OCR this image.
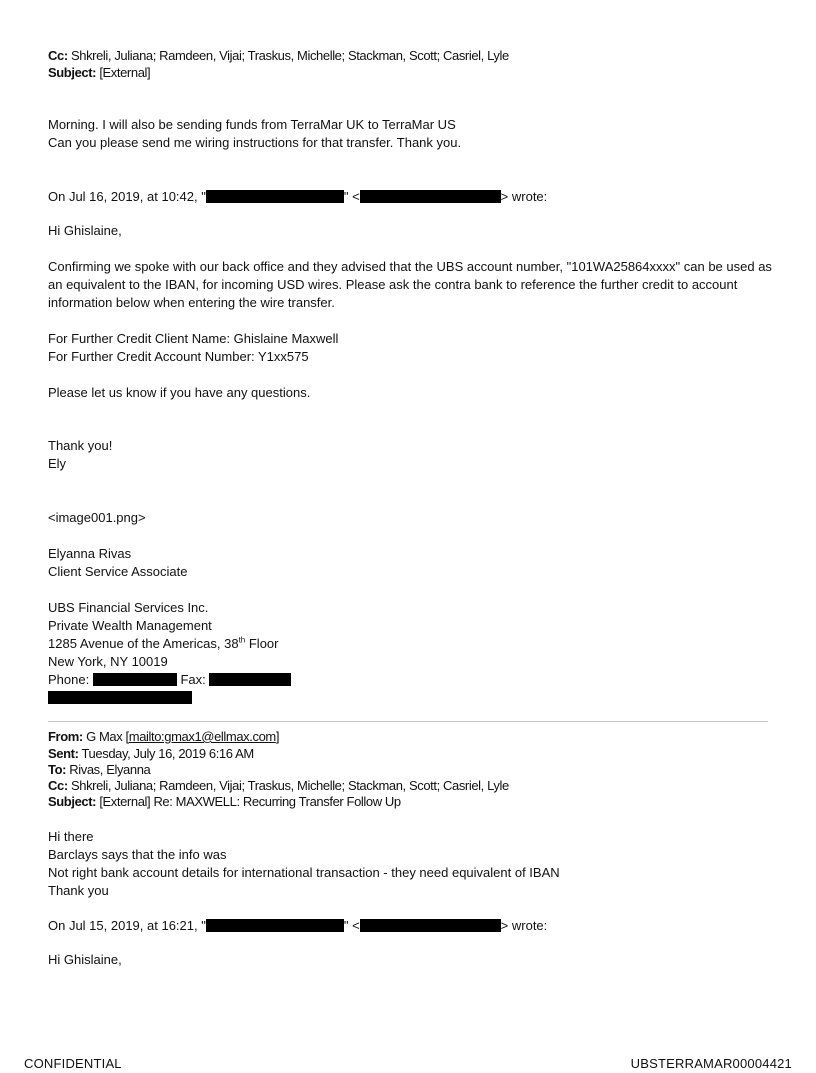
Cc: Shkreli, Juliana; Ramdeen, Vijai; Traskus, Michelle; Stackman, Scott; Casriel, Lyle
Subject: [External]
Morning. I will also be sending funds from TerraMar UK to TerraMar US
Can you please send me wiring instructions for that transfer. Thank you.
On Jul 16, 2019, at 10:42, "	" <	> wrote:
Hi Ghislaine,

Confirming we spoke with our back office and they advised that the UBS account number, "101WA25864xxxx" can be used as an equivalent to the IBAN, for incoming USD wires. Please ask the contra bank to reference the further credit to account information below when entering the wire transfer.

For Further Credit Client Name: Ghislaine Maxwell
For Further Credit Account Number: Y1xx575
Please let us know if you have any questions.
Thank you!
Ely
<image001.png>
Elyanna Rivas
Client Service Associate
UBS Financial Services Inc.
Private Wealth Management
1285 Avenue of the Americas, 38th Floor
New York, NY 10019
Phone:	Fax:
From: G Max [mailto:gmax1@ellmax.com]
Sent: Tuesday, July 16, 2019 6:16 AM
To: Rivas, Elyanna
Cc: Shkreli, Juliana; Ramdeen, Vijai; Traskus, Michelle; Stackman, Scott; Casriel, Lyle
Subject: [External] Re: MAXWELL: Recurring Transfer Follow Up
Hi there
Barclays says that the info was
Not right bank account details for international transaction - they need equivalent of IBAN
Thank you
On Jul 15, 2019, at 16:21, "	" <	> wrote:
Hi Ghislaine,
CONFIDENTIAL	UBSTERRAMAR00004421
